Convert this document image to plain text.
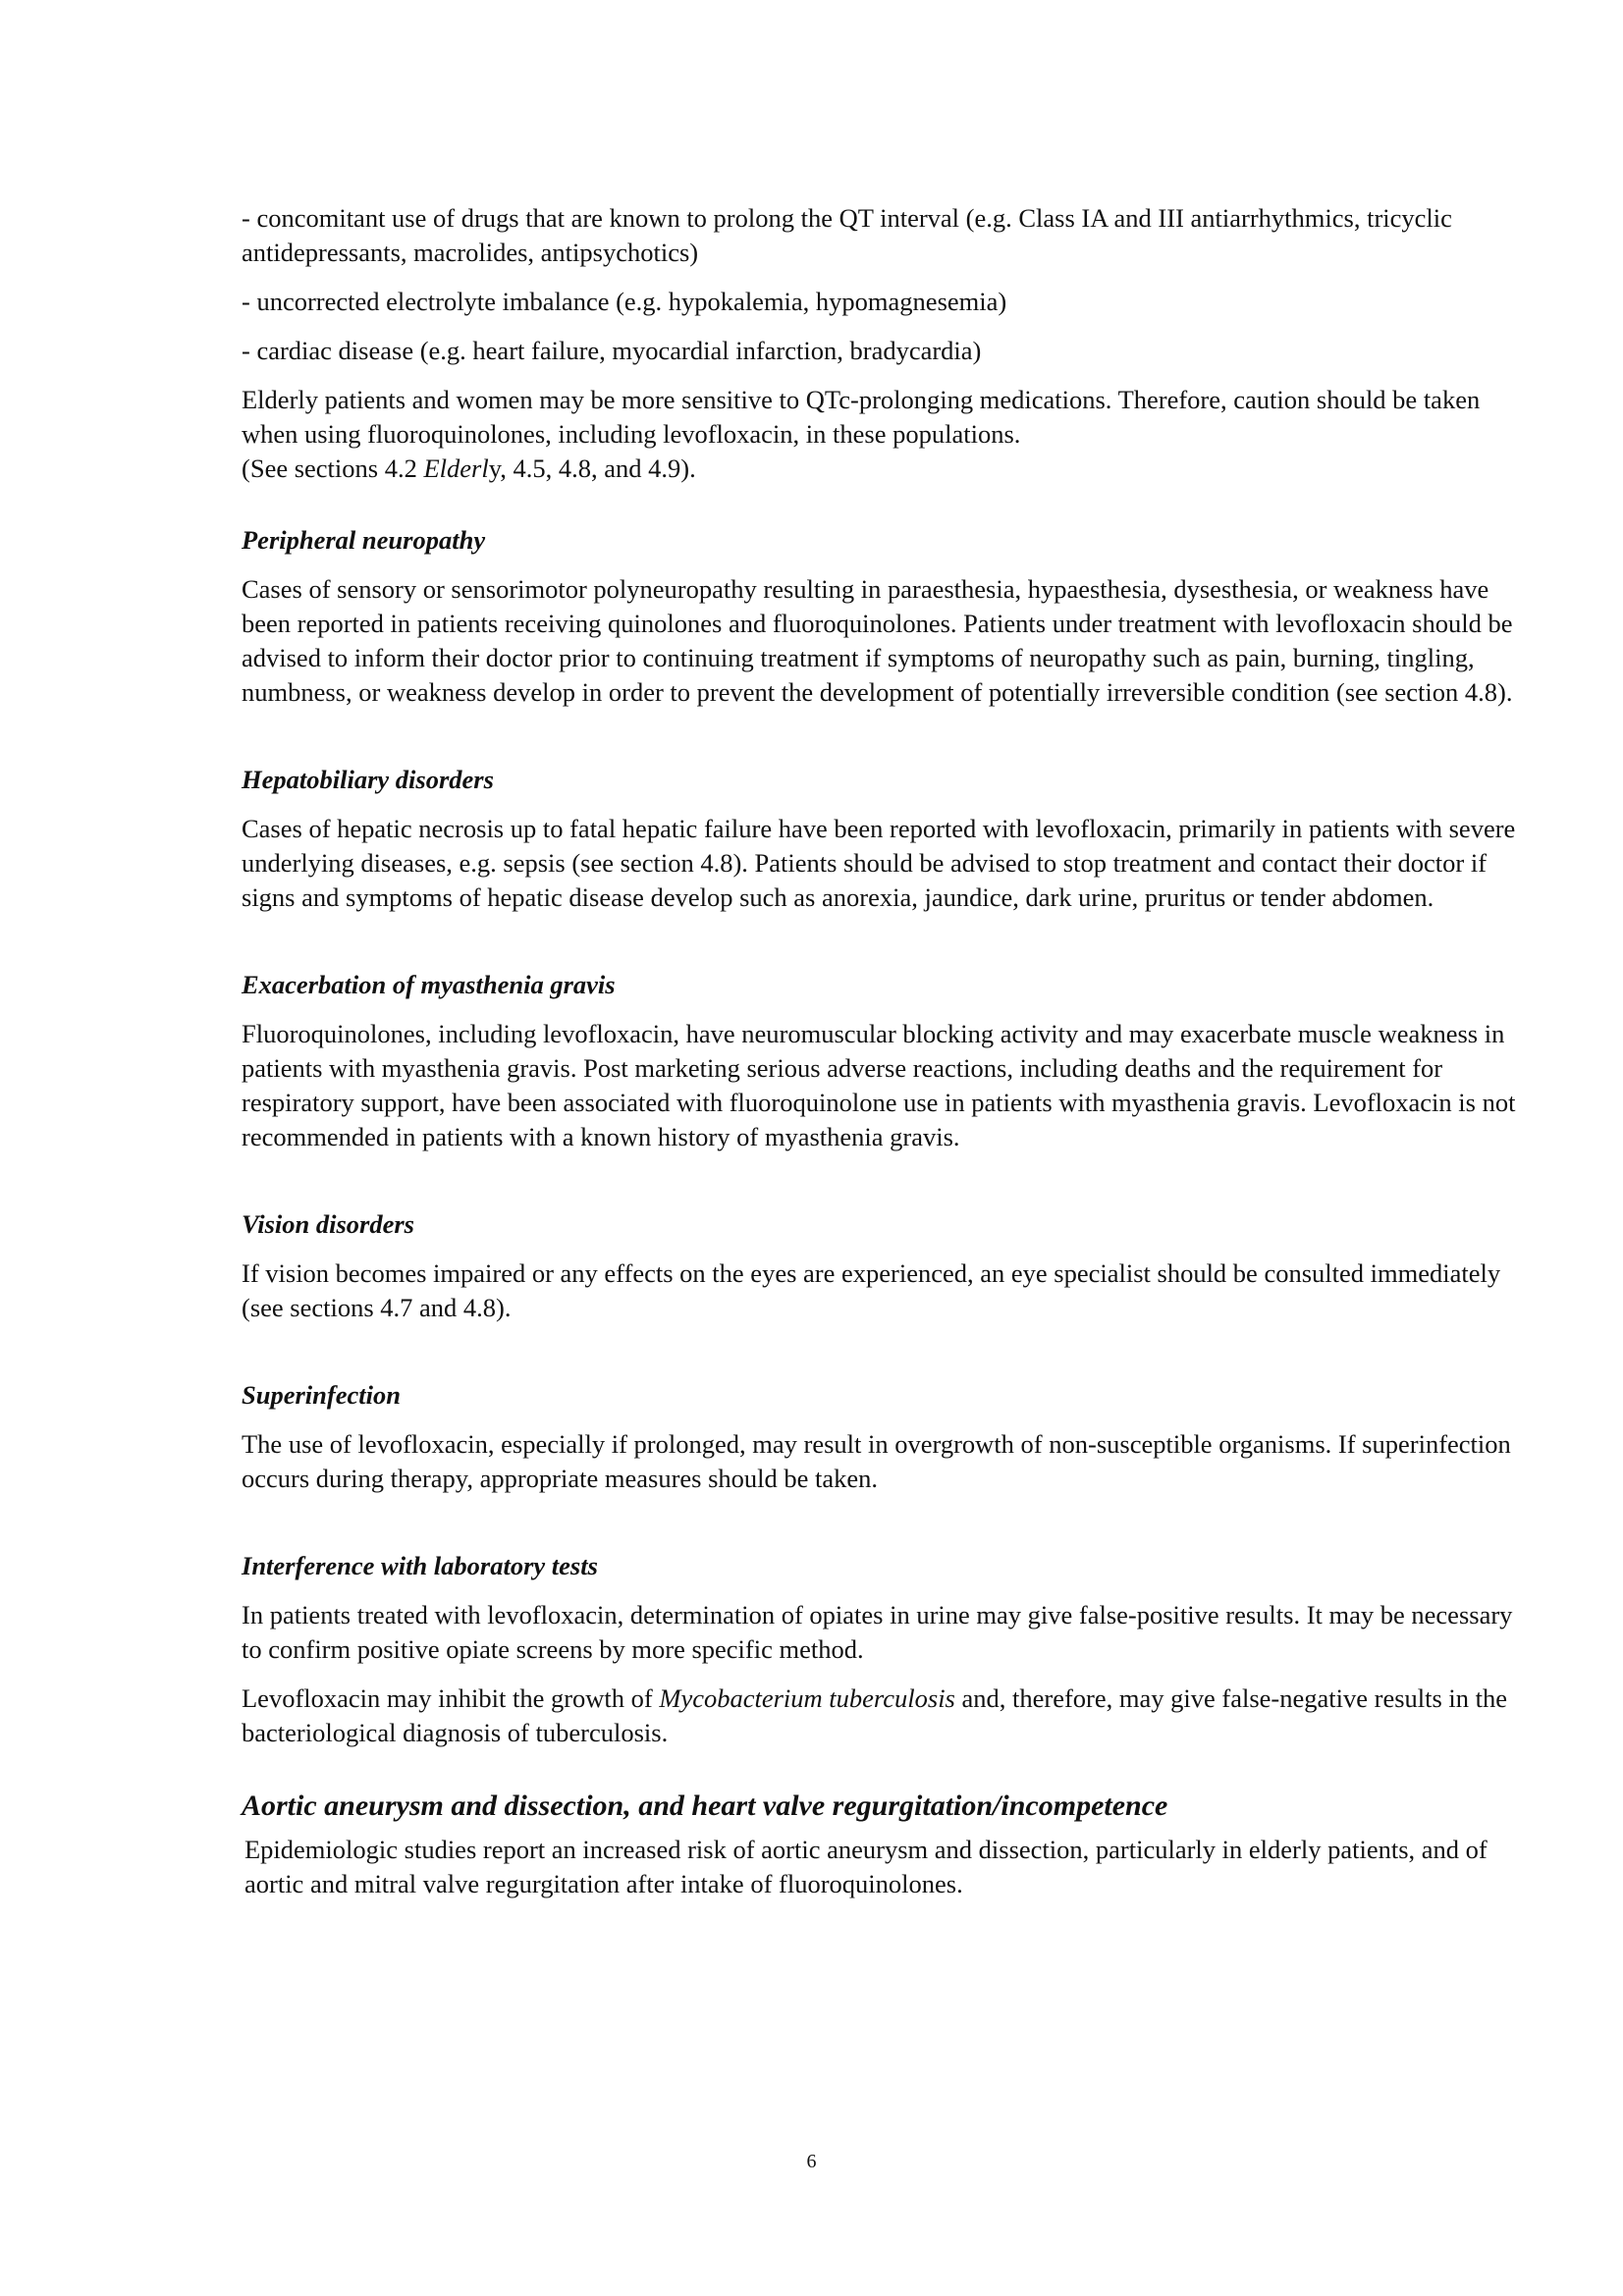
- concomitant use of drugs that are known to prolong the QT interval (e.g. Class IA and III antiarrhythmics, tricyclic antidepressants, macrolides, antipsychotics)

- uncorrected electrolyte imbalance (e.g. hypokalemia, hypomagnesemia)

- cardiac disease (e.g. heart failure, myocardial infarction, bradycardia)

Elderly patients and women may be more sensitive to QTc-prolonging medications. Therefore, caution should be taken when using fluoroquinolones, including levofloxacin, in these populations.
(See sections 4.2 Elderly, 4.5, 4.8, and 4.9).

Peripheral neuropathy

Cases of sensory or sensorimotor polyneuropathy resulting in paraesthesia, hypaesthesia, dysesthesia, or weakness have been reported in patients receiving quinolones and fluoroquinolones. Patients under treatment with levofloxacin should be advised to inform their doctor prior to continuing treatment if symptoms of neuropathy such as pain, burning, tingling, numbness, or weakness develop in order to prevent the development of potentially irreversible condition (see section 4.8).

Hepatobiliary disorders

Cases of hepatic necrosis up to fatal hepatic failure have been reported with levofloxacin, primarily in patients with severe underlying diseases, e.g. sepsis (see section 4.8). Patients should be advised to stop treatment and contact their doctor if signs and symptoms of hepatic disease develop such as anorexia, jaundice, dark urine, pruritus or tender abdomen.

Exacerbation of myasthenia gravis

Fluoroquinolones, including levofloxacin, have neuromuscular blocking activity and may exacerbate muscle weakness in patients with myasthenia gravis. Post marketing serious adverse reactions, including deaths and the requirement for respiratory support, have been associated with fluoroquinolone use in patients with myasthenia gravis. Levofloxacin is not recommended in patients with a known history of myasthenia gravis.

Vision disorders

If vision becomes impaired or any effects on the eyes are experienced, an eye specialist should be consulted immediately (see sections 4.7 and 4.8).

Superinfection

The use of levofloxacin, especially if prolonged, may result in overgrowth of non-susceptible organisms. If superinfection occurs during therapy, appropriate measures should be taken.

Interference with laboratory tests

In patients treated with levofloxacin, determination of opiates in urine may give false-positive results. It may be necessary to confirm positive opiate screens by more specific method.

Levofloxacin may inhibit the growth of Mycobacterium tuberculosis and, therefore, may give false-negative results in the bacteriological diagnosis of tuberculosis.

Aortic aneurysm and dissection, and heart valve regurgitation/incompetence

Epidemiologic studies report an increased risk of aortic aneurysm and dissection, particularly in elderly patients, and of aortic and mitral valve regurgitation after intake of fluoroquinolones.

6
